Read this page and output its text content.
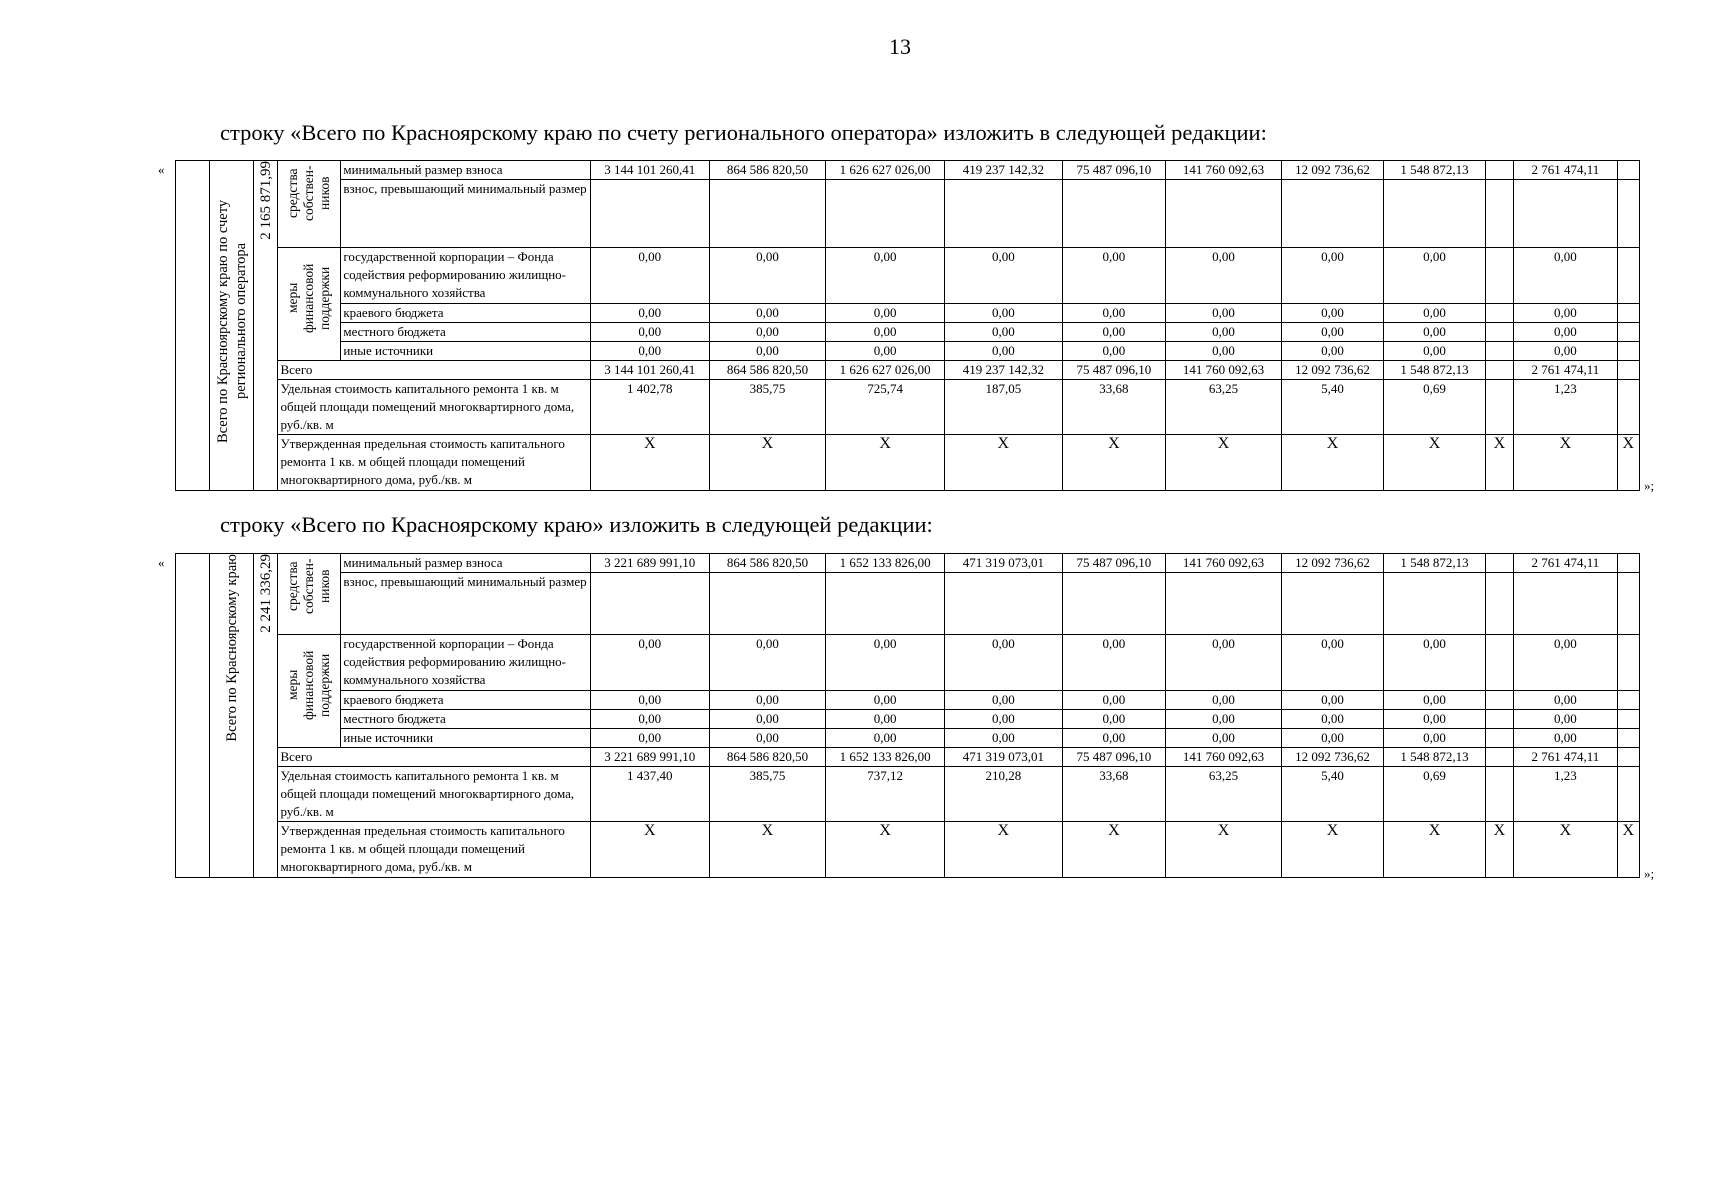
13
строку «Всего по Красноярскому краю по счету регионального оператора» изложить в следующей редакции:
«
	Всего по Красноярскому краю по счету регионального оператора	2 165 871,99	средства собствен-ников	минимальный размер взноса	3 144 101 260,41	864 586 820,50	1 626 627 026,00	419 237 142,32	75 487 096,10	141 760 092,63	12 092 736,62	1 548 872,13		2 761 474,11	
				взнос, превышающий минимальный размер											
			меры финансовой поддержки	государственной корпорации – Фонда содействия реформированию жилищно-коммунального хозяйства	0,00	0,00	0,00	0,00	0,00	0,00	0,00	0,00		0,00	
				краевого бюджета	0,00	0,00	0,00	0,00	0,00	0,00	0,00	0,00		0,00	
				местного бюджета	0,00	0,00	0,00	0,00	0,00	0,00	0,00	0,00		0,00	
				иные источники	0,00	0,00	0,00	0,00	0,00	0,00	0,00	0,00		0,00	
			Всего		3 144 101 260,41	864 586 820,50	1 626 627 026,00	419 237 142,32	75 487 096,10	141 760 092,63	12 092 736,62	1 548 872,13		2 761 474,11	
			Удельная стоимость капитального ремонта 1 кв. м общей площади помещений многоквартирного дома, руб./кв. м		1 402,78	385,75	725,74	187,05	33,68	63,25	5,40	0,69		1,23	
			Утвержденная предельная стоимость капитального ремонта 1 кв. м общей площади помещений многоквартирного дома, руб./кв. м		X	X	X	X	X	X	X	X	X	X	X
»;
строку «Всего по Красноярскому краю» изложить в следующей редакции:
«
		Всего по Красноярскому краю	2 241 336,29	средства собствен-ников	минимальный размер взноса	3 221 689 991,10	864 586 820,50	1 652 133 826,00	471 319 073,01	75 487 096,10	141 760 092,63	12 092 736,62	1 548 872,13		2 761 474,11	
				взнос, превышающий минимальный размер											
			меры финансовой поддержки	государственной корпорации – Фонда содействия реформированию жилищно-коммунального хозяйства	0,00	0,00	0,00	0,00	0,00	0,00	0,00	0,00		0,00	
				краевого бюджета	0,00	0,00	0,00	0,00	0,00	0,00	0,00	0,00		0,00	
				местного бюджета	0,00	0,00	0,00	0,00	0,00	0,00	0,00	0,00		0,00	
				иные источники	0,00	0,00	0,00	0,00	0,00	0,00	0,00	0,00		0,00	
			Всего		3 221 689 991,10	864 586 820,50	1 652 133 826,00	471 319 073,01	75 487 096,10	141 760 092,63	12 092 736,62	1 548 872,13		2 761 474,11	
			Удельная стоимость капитального ремонта 1 кв. м общей площади помещений многоквартирного дома, руб./кв. м		1 437,40	385,75	737,12	210,28	33,68	63,25	5,40	0,69		1,23	
			Утвержденная предельная стоимость капитального ремонта 1 кв. м общей площади помещений многоквартирного дома, руб./кв. м		X	X	X	X	X	X	X	X	X	X	X
»;
